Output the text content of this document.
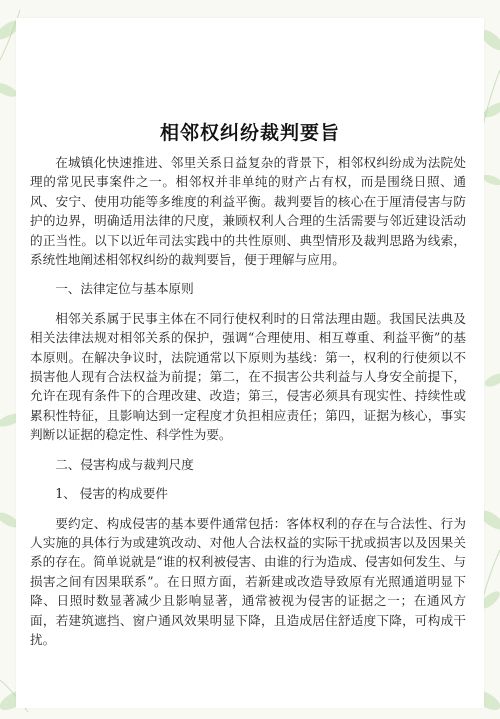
相邻权纠纷裁判要旨

在城镇化快速推进、邻里关系日益复杂的背景下，相邻权纠纷成为法院处理的常见民事案件之一。相邻权并非单纯的财产占有权，而是围绕日照、通风、安宁、使用功能等多维度的利益平衡。裁判要旨的核心在于厘清侵害与防护的边界，明确适用法律的尺度，兼顾权利人合理的生活需要与邻近建设活动的正当性。以下以近年司法实践中的共性原则、典型情形及裁判思路为线索，系统性地阐述相邻权纠纷的裁判要旨，便于理解与应用。

一、法律定位与基本原则

相邻关系属于民事主体在不同行使权利时的日常法理由题。我国民法典及相关法律法规对相邻关系的保护，强调“合理使用、相互尊重、利益平衡”的基本原则。在解决争议时，法院通常以下原则为基线：第一，权利的行使须以不损害他人现有合法权益为前提；第二，在不损害公共利益与人身安全前提下，允许在现有条件下的合理改建、改造；第三，侵害必须具有现实性、持续性或累积性特征，且影响达到一定程度才负担相应责任；第四，证据为核心，事实判断以证据的稳定性、科学性为要。

二、侵害构成与裁判尺度

1、 侵害的构成要件

要约定、构成侵害的基本要件通常包括：客体权利的存在与合法性、行为人实施的具体行为或建筑改动、对他人合法权益的实际干扰或损害以及因果关系的存在。简单说就是“谁的权利被侵害、由谁的行为造成、侵害如何发生、与损害之间有因果联系”。在日照方面，若新建或改造导致原有光照通道明显下降、日照时数显著减少且影响显著，通常被视为侵害的证据之一；在通风方面，若建筑遮挡、窗户通风效果明显下降，且造成居住舒适度下降，可构成干扰。
